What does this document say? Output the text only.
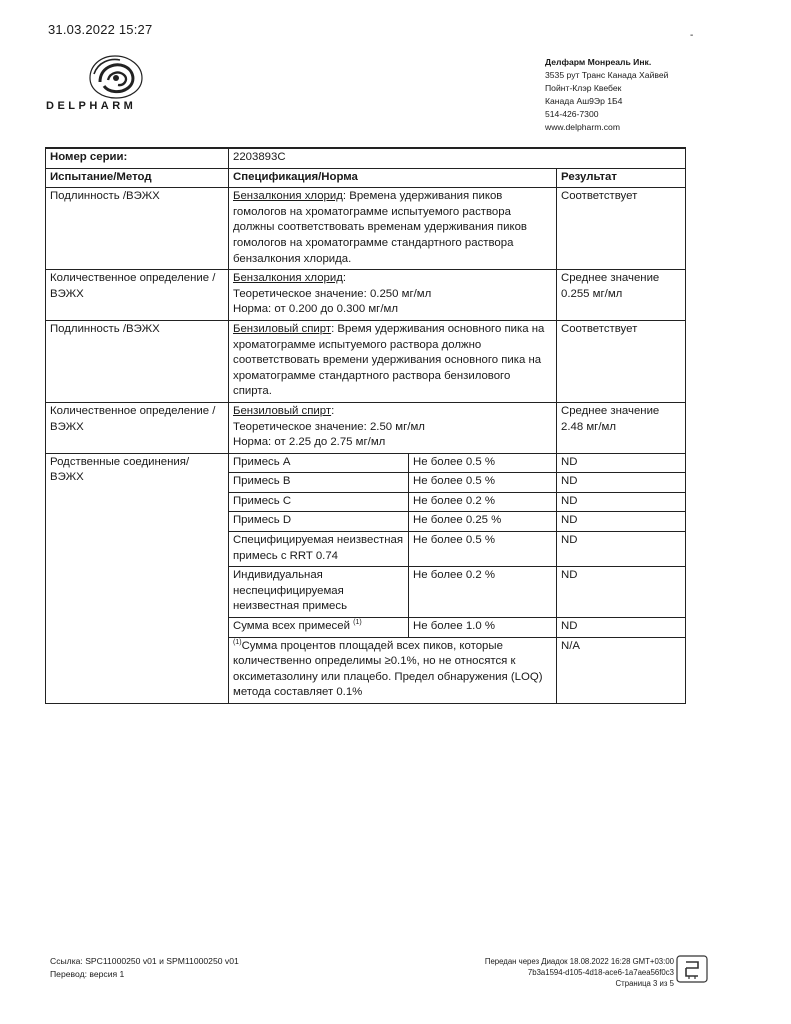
31.03.2022 15:27	-
DELPHARM
Делфарм Монреаль Инк.
3535 рут Транс Канада Хайвей
Пойнт-Клэр Квебек
Канада Аш9Эр 1Б4
514-426-7300
www.delpharm.com
Номер серии:	2203893C		
Испытание/Метод	Спецификация/Норма		Результат
Подлинность /ВЭЖХ	Бензалкония хлорид: Времена удерживания пиков гомологов на хроматограмме испытуемого раствора должны соответствовать временам удерживания пиков гомологов на хроматограмме стандартного раствора бензалкония хлорида.		Соответствует
Количественное определение / ВЭЖХ	Бензалкония хлорид:
Теоретическое значение: 0.250 мг/мл
Норма: от 0.200 до 0.300 мг/мл		Среднее значение 0.255 мг/мл
Подлинность /ВЭЖХ	Бензиловый спирт: Время удерживания основного пика на хроматограмме испытуемого раствора должно соответствовать времени удерживания основного пика на хроматограмме стандартного раствора бензилового спирта.		Соответствует
Количественное определение / ВЭЖХ	Бензиловый спирт:
Теоретическое значение: 2.50 мг/мл
Норма: от 2.25 до 2.75 мг/мл		Среднее значение 2.48 мг/мл
Родственные соединения/ ВЭЖХ	Примесь A	Не более 0.5 %	ND
	Примесь B	Не более 0.5 %	ND
	Примесь C	Не более 0.2 %	ND
	Примесь D	Не более 0.25 %	ND
	Специфицируемая неизвестная примесь с RRT 0.74	Не более 0.5 %	ND
	Индивидуальная неспецифицируемая неизвестная примесь	Не более 0.2 %	ND
	Сумма всех примесей $^{(1)}$	Не более 1.0 %	ND
	$^{(1)}$Сумма процентов площадей всех пиков, которые количественно определимы ≥0.1%, но не относятся к оксиметазолину или плацебо. Предел обнаружения (LOQ) метода составляет 0.1%		N/A
Ссылка: SPC11000250 v01 и SPM11000250 v01
Перевод: версия 1
Передан через Диадок 18.08.2022 16:28 GMT+03:00
7b3a1594-d105-4d18-ace6-1a7aea56f0c3
Страница 3 из 5
